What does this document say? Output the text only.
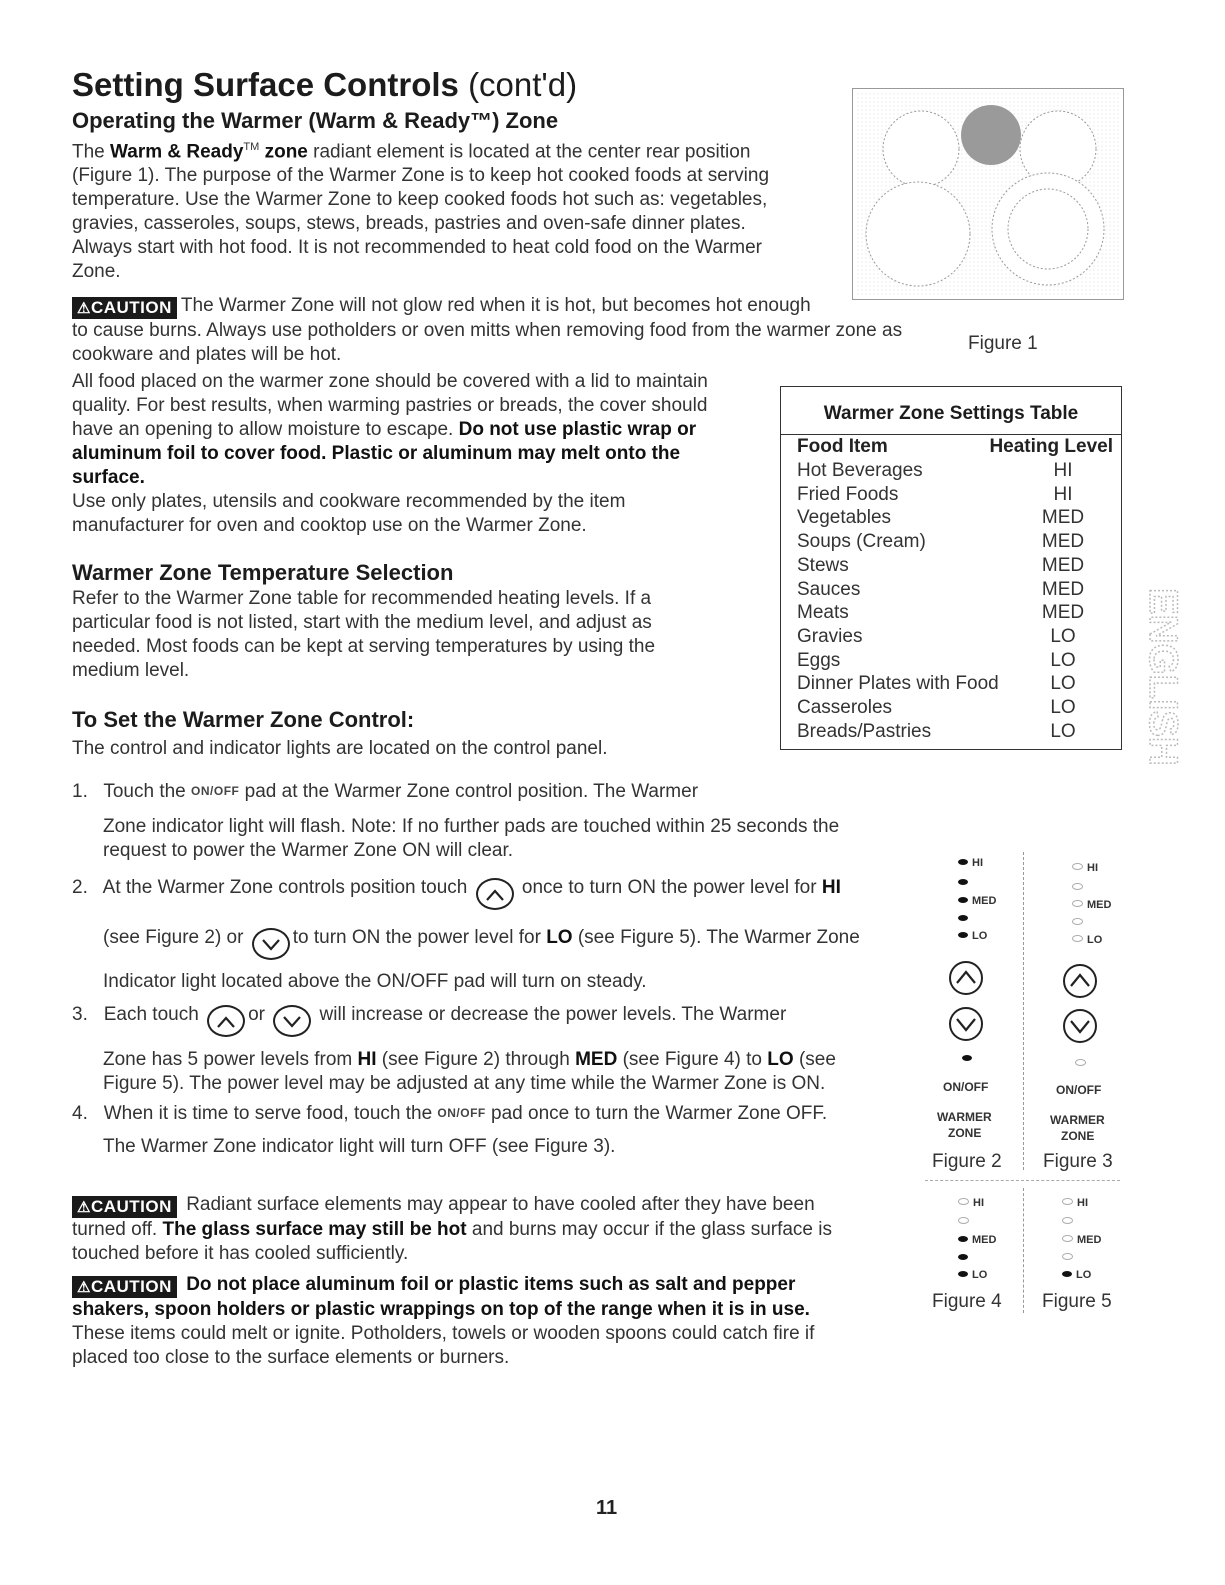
Setting Surface Controls (cont'd)
Operating the Warmer (Warm & Ready™) Zone
The Warm & Ready™ zone radiant element is located at the center rear position
(Figure 1). The purpose of the Warmer Zone is to keep hot cooked foods at serving
temperature. Use the Warmer Zone to keep cooked foods hot such as: vegetables,
gravies, casseroles, soups, stews, breads, pastries and oven-safe dinner plates.
Always start with hot food. It is not recommended to heat cold food on the Warmer
Zone.
⚠CAUTION The Warmer Zone will not glow red when it is hot, but becomes hot enough
to cause burns. Always use potholders or oven mitts when removing food from the warmer zone as
cookware and plates will be hot.
All food placed on the warmer zone should be covered with a lid to maintain
quality. For best results, when warming pastries or breads, the cover should
have an opening to allow moisture to escape. Do not use plastic wrap or
aluminum foil to cover food. Plastic or aluminum may melt onto the
surface.
Use only plates, utensils and cookware recommended by the item
manufacturer for oven and cooktop use on the Warmer Zone.
Warmer Zone Temperature Selection
Refer to the Warmer Zone table for recommended heating levels. If a
particular food is not listed, start with the medium level, and adjust as
needed. Most foods can be kept at serving temperatures by using the
medium level.
To Set the Warmer Zone Control:
The control and indicator lights are located on the control panel.
1. Touch the ON/OFF pad at the Warmer Zone control position. The Warmer
Zone indicator light will flash. Note: If no further pads are touched within 25 seconds the
request to power the Warmer Zone ON will clear.
2. At the Warmer Zone controls position touch	once to turn ON the power level for HI
(see Figure 2) or	to turn ON the power level for LO (see Figure 5). The Warmer Zone
Indicator light located above the ON/OFF pad will turn on steady.
3. Each touch	or	will increase or decrease the power levels. The Warmer
Zone has 5 power levels from HI (see Figure 2) through MED (see Figure 4) to LO (see
Figure 5). The power level may be adjusted at any time while the Warmer Zone is ON.
4. When it is time to serve food, touch the ON/OFF pad once to turn the Warmer Zone OFF.
The Warmer Zone indicator light will turn OFF (see Figure 3).
⚠CAUTION Radiant surface elements may appear to have cooled after they have been
turned off. The glass surface may still be hot and burns may occur if the glass surface is
touched before it has cooled sufficiently.
⚠CAUTION Do not place aluminum foil or plastic items such as salt and pepper
shakers, spoon holders or plastic wrappings on top of the range when it is in use.
These items could melt or ignite. Potholders, towels or wooden spoons could catch fire if
placed too close to the surface elements or burners.
Figure 1
Warmer Zone Settings Table
Food Item	Heating Level
Hot Beverages	HI
Fried Foods	HI
Vegetables	MED
Soups (Cream)	MED
Stews	MED
Sauces	MED
Meats	MED
Gravies	LO
Eggs	LO
Dinner Plates with Food	LO
Casseroles	LO
Breads/Pastries	LO	ENGLISH
HI
MED
LO
ON/OFF
WARMER
ZONE
Figure 2
HI
MED
LO
ON/OFF
WARMER
ZONE
Figure 3
HI
MED
LO
Figure 4
HI
MED
LO
Figure 5
11
